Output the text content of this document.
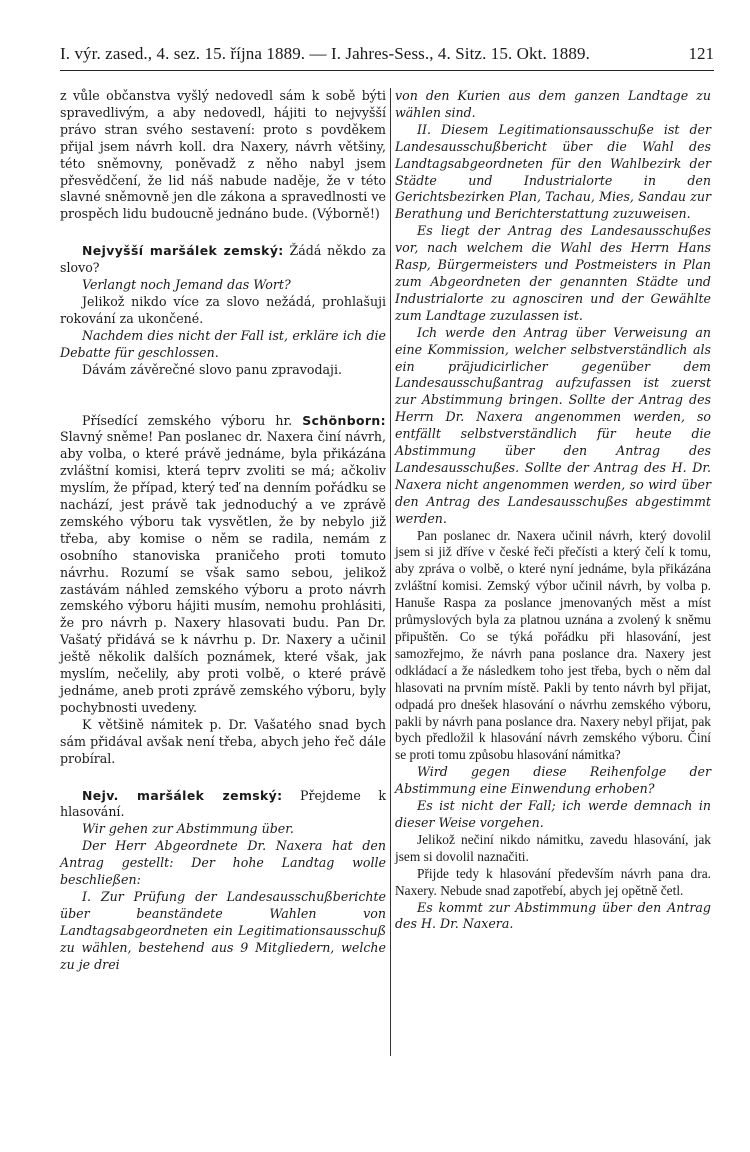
I. výr. zased., 4. sez. 15. října 1889. — I. Jahres-Sess., 4. Sitz. 15. Okt. 1889.	121

z vůle občanstva vyšlý nedovedl sám k sobě býti spravedlivým, a aby nedovedl, hájiti to nejvyšší právo stran svého sestavení: proto s povděkem přijal jsem návrh koll. dra Naxery, návrh většiny, této sněmovny, poněvadž z něho nabyl jsem přesvědčení, že lid náš nabude naděje, že v této slavné sněmovně jen dle zákona a spravedlnosti ve prospěch lidu budoucně jednáno bude. (Výborně!)

Nejvyšší maršálek zemský: Žádá někdo za slovo?

Verlangt noch Jemand das Wort?

Jelikož nikdo více za slovo nežádá, prohlašuji rokování za ukončené.

Nachdem dies nicht der Fall ist, erkläre ich die Debatte für geschlossen.

Dávám závěrečné slovo panu zpravodaji.

Přísedící zemského výboru hr. Schönborn: Slavný sněme! Pan poslanec dr. Naxera činí návrh, aby volba, o které právě jednáme, byla přikázána zvláštní komisi, která teprv zvoliti se má; ačkoliv myslím, že případ, který teď na denním pořádku se nachází, jest právě tak jednoduchý a ve zprávě zemského výboru tak vysvětlen, že by nebylo již třeba, aby komise o něm se radila, nemám z osobního stanoviska praničeho proti tomuto návrhu. Rozumí se však samo sebou, jelikož zastávám náhled zemského výboru a proto návrh zemského výboru hájiti musím, nemohu prohlásiti, že pro návrh p. Naxery hlasovati budu. Pan Dr. Vašatý přidává se k návrhu p. Dr. Naxery a učinil ještě několik dalších poznámek, které však, jak myslím, nečelily, aby proti volbě, o které právě jednáme, aneb proti zprávě zemského výboru, byly pochybnosti uvedeny.

K většině námitek p. Dr. Vašatého snad bych sám přidával avšak není třeba, abych jeho řeč dále probíral.

Nejv. maršálek zemský: Přejdeme k hlasování.

Wir gehen zur Abstimmung über.

Der Herr Abgeordnete Dr. Naxera hat den Antrag gestellt: Der hohe Landtag wolle beschließen:

I. Zur Prüfung der Landesausschußberichte über beanständete Wahlen von Landtagsabgeordneten ein Legitimationsausschuß zu wählen, bestehend aus 9 Mitgliedern, welche zu je drei

von den Kurien aus dem ganzen Landtage zu wählen sind.

II. Diesem Legitimationsausschuße ist der Landesausschußbericht über die Wahl des Landtagsabgeordneten für den Wahlbezirk der Städte und Industrialorte in den Gerichtsbezirken Plan, Tachau, Mies, Sandau zur Berathung und Berichterstattung zuzuweisen.

Es liegt der Antrag des Landesausschußes vor, nach welchem die Wahl des Herrn Hans Rasp, Bürgermeisters und Postmeisters in Plan zum Abgeordneten der genannten Städte und Industrialorte zu agnosciren und der Gewählte zum Landtage zuzulassen ist.

Ich werde den Antrag über Verweisung an eine Kommission, welcher selbstverständlich als ein präjudicirlicher gegenüber dem Landesausschußantrag aufzufassen ist zuerst zur Abstimmung bringen. Sollte der Antrag des Herrn Dr. Naxera angenommen werden, so entfällt selbstverständlich für heute die Abstimmung über den Antrag des Landesausschußes. Sollte der Antrag des H. Dr. Naxera nicht angenommen werden, so wird über den Antrag des Landesausschußes abgestimmt werden.

Pan poslanec dr. Naxera učinil návrh, který dovolil jsem si již dříve v české řeči přečísti a který čelí k tomu, aby zpráva o volbě, o které nyní jednáme, byla přikázána zvláštní komisi. Zemský výbor učinil návrh, by volba p. Hanuše Raspa za poslance jmenovaných měst a míst průmyslových byla za platnou uznána a zvolený k sněmu připuštěn. Co se týká pořádku při hlasování, jest samozřejmo, že návrh pana poslance dra. Naxery jest odkládací a že následkem toho jest třeba, bych o něm dal hlasovati na prvním místě. Pakli by tento návrh byl přijat, odpadá pro dnešek hlasování o návrhu zemského výboru, pakli by návrh pana poslance dra. Naxery nebyl přijat, pak bych předložil k hlasování návrh zemského výboru. Činí se proti tomu způsobu hlasování námitka?

Wird gegen diese Reihenfolge der Abstimmung eine Einwendung erhoben?

Es ist nicht der Fall; ich werde demnach in dieser Weise vorgehen.

Jelikož nečiní nikdo námitku, zavedu hlasování, jak jsem si dovolil naznačiti.

Přijde tedy k hlasování především návrh pana dra. Naxery. Nebude snad zapotřebí, abych jej opětně četl.

Es kommt zur Abstimmung über den Antrag des H. Dr. Naxera.
